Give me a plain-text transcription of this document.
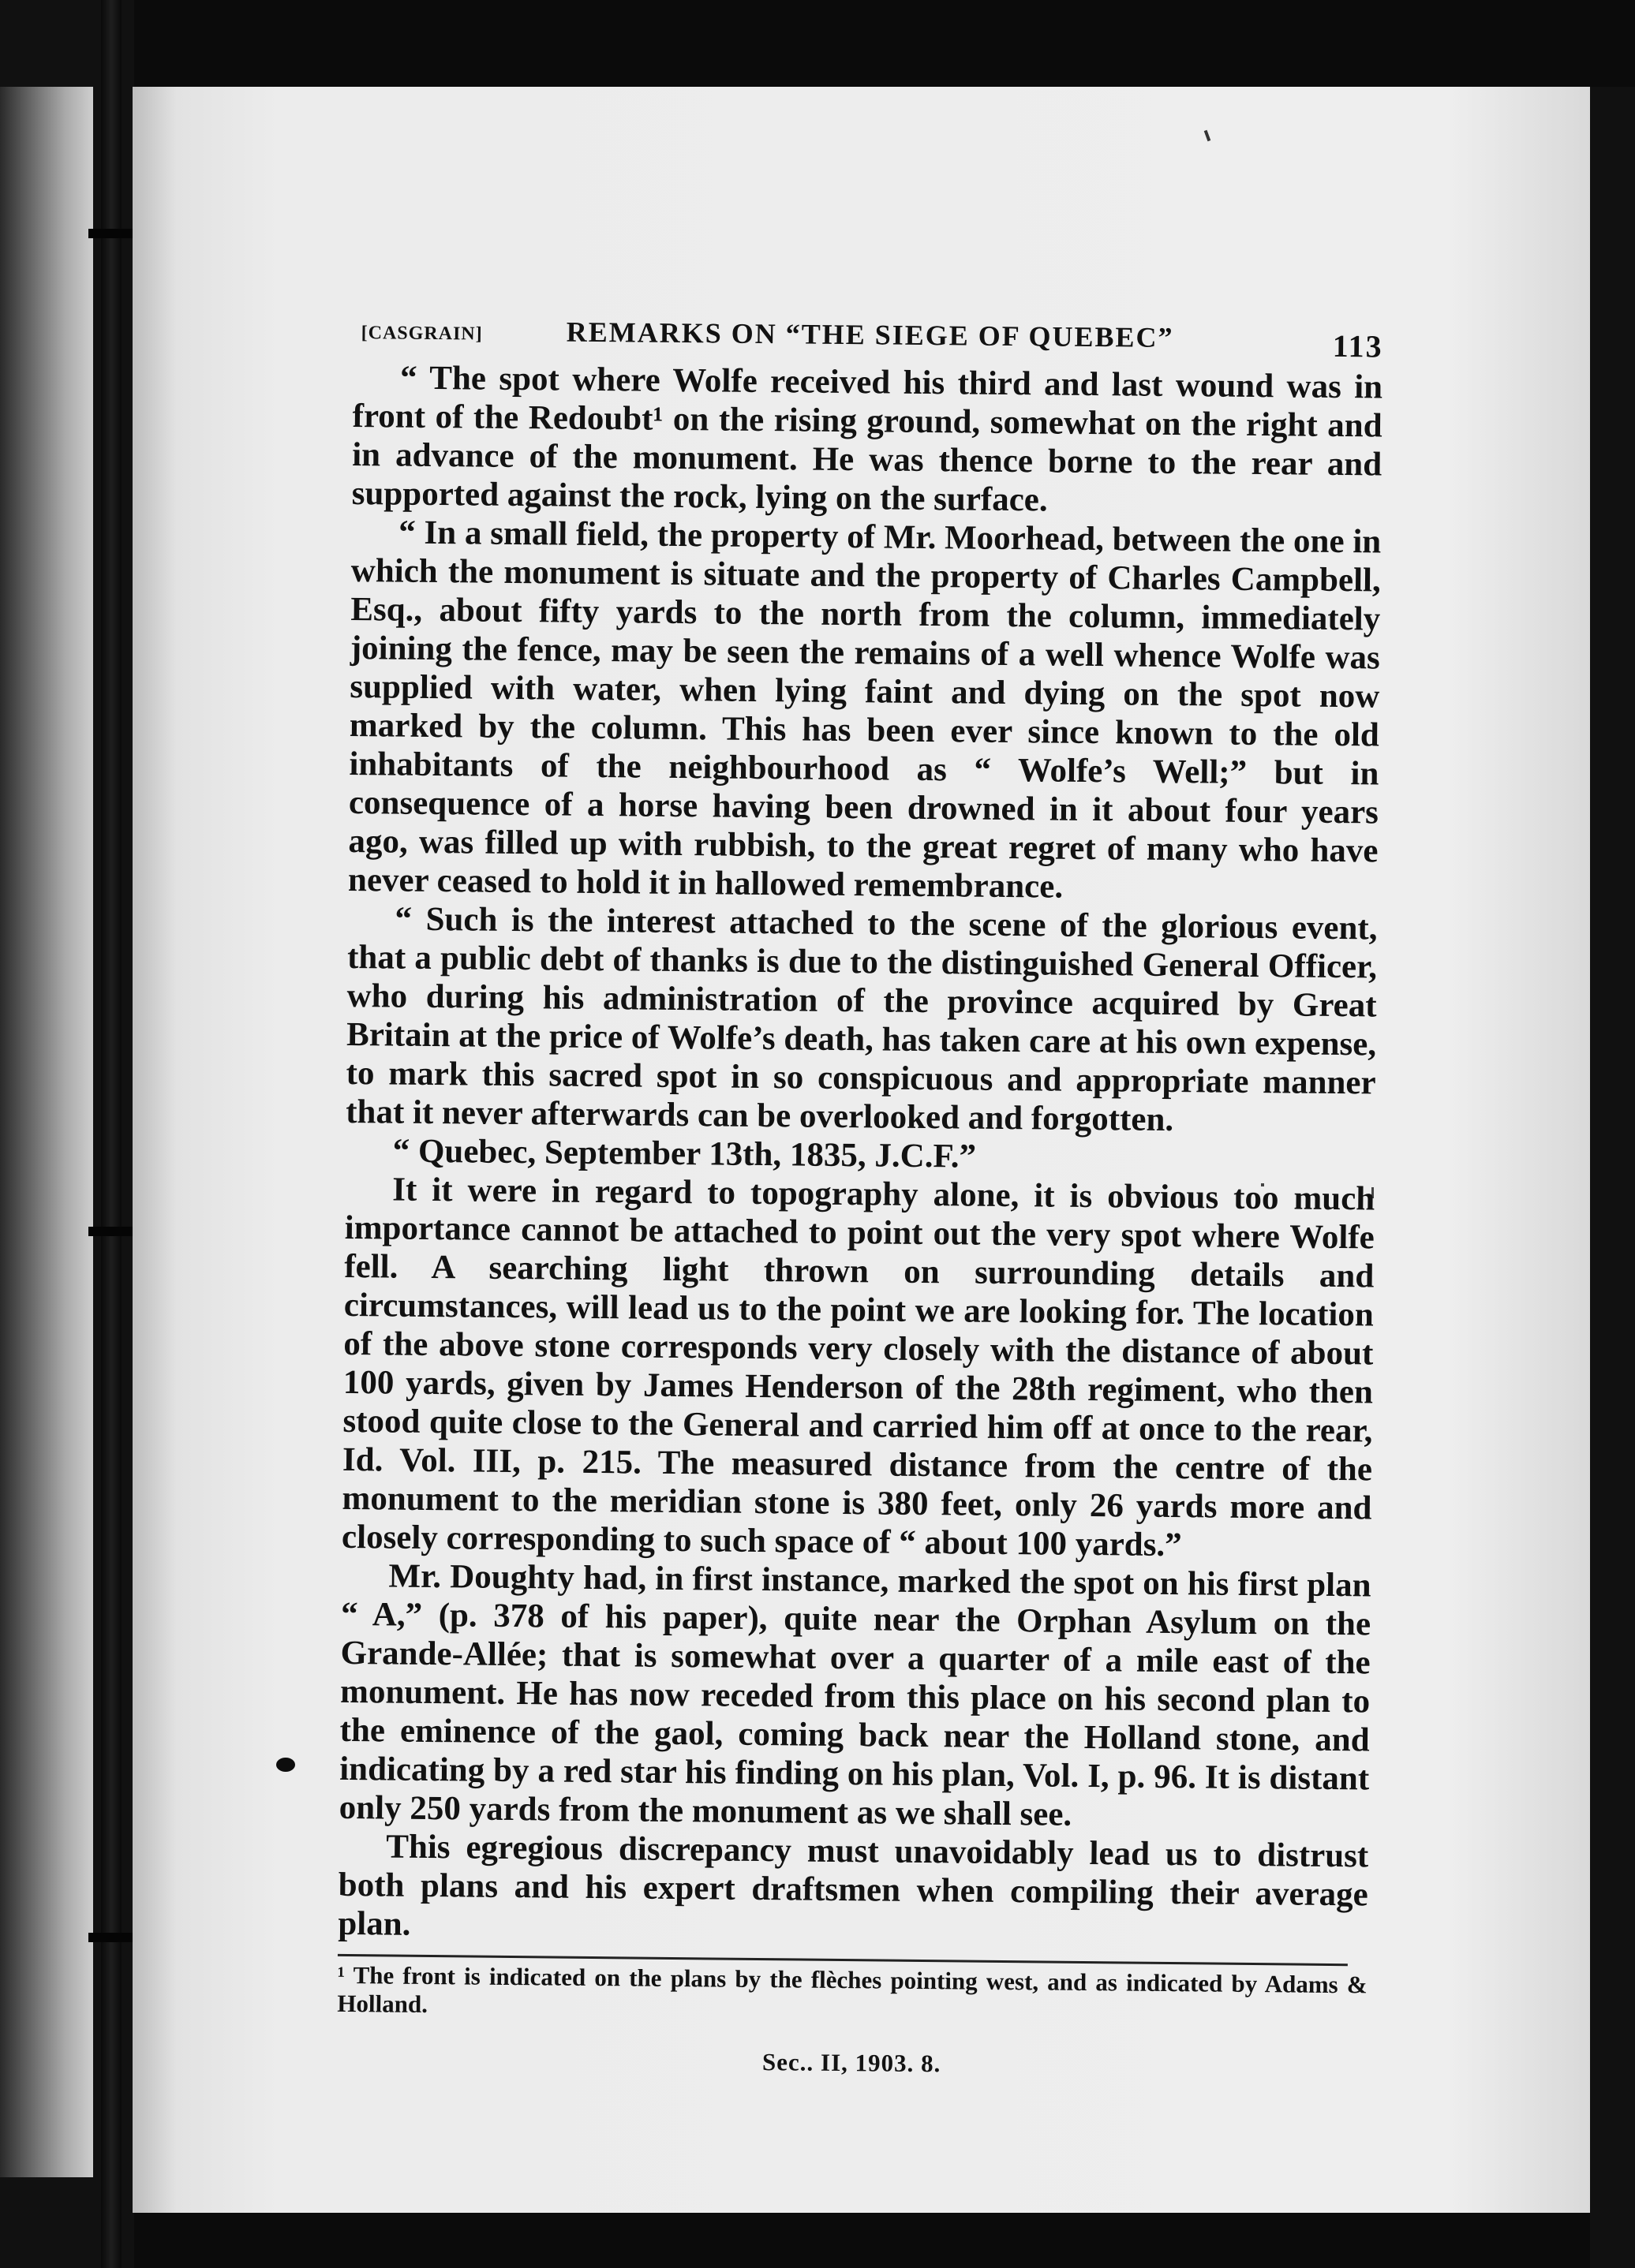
[CASGRAIN]	REMARKS ON “THE SIEGE OF QUEBEC”	113

“ The spot where Wolfe received his third and last wound was in front of the Redoubt¹ on the rising ground, somewhat on the right and in advance of the monument. He was thence borne to the rear and supported against the rock, lying on the surface.

“ In a small field, the property of Mr. Moorhead, between the one in which the monument is situate and the property of Charles Campbell, Esq., about fifty yards to the north from the column, immediately joining the fence, may be seen the remains of a well whence Wolfe was supplied with water, when lying faint and dying on the spot now marked by the column. This has been ever since known to the old inhabitants of the neighbourhood as “ Wolfe’s Well;” but in consequence of a horse having been drowned in it about four years ago, was filled up with rubbish, to the great regret of many who have never ceased to hold it in hallowed remembrance.

“ Such is the interest attached to the scene of the glorious event, that a public debt of thanks is due to the distinguished General Officer, who during his administration of the province acquired by Great Britain at the price of Wolfe’s death, has taken care at his own expense, to mark this sacred spot in so conspicuous and appropriate manner that it never afterwards can be overlooked and forgotten.

“ Quebec, September 13th, 1835, J.C.F.”

It it were in regard to topography alone, it is obvious too much importance cannot be attached to point out the very spot where Wolfe fell. A searching light thrown on surrounding details and circumstances, will lead us to the point we are looking for. The location of the above stone corresponds very closely with the distance of about 100 yards, given by James Henderson of the 28th regiment, who then stood quite close to the General and carried him off at once to the rear, Id. Vol. III, p. 215. The measured distance from the centre of the monument to the meridian stone is 380 feet, only 26 yards more and closely corresponding to such space of “ about 100 yards.”

Mr. Doughty had, in first instance, marked the spot on his first plan “ A,” (p. 378 of his paper), quite near the Orphan Asylum on the Grande-Allée; that is somewhat over a quarter of a mile east of the monument. He has now receded from this place on his second plan to the eminence of the gaol, coming back near the Holland stone, and indicating by a red star his finding on his plan, Vol. I, p. 96. It is distant only 250 yards from the monument as we shall see.

This egregious discrepancy must unavoidably lead us to distrust both plans and his expert draftsmen when compiling their average plan.

¹ The front is indicated on the plans by the flèches pointing west, and as indicated by Adams & Holland.

Sec.. II, 1903. 8.
